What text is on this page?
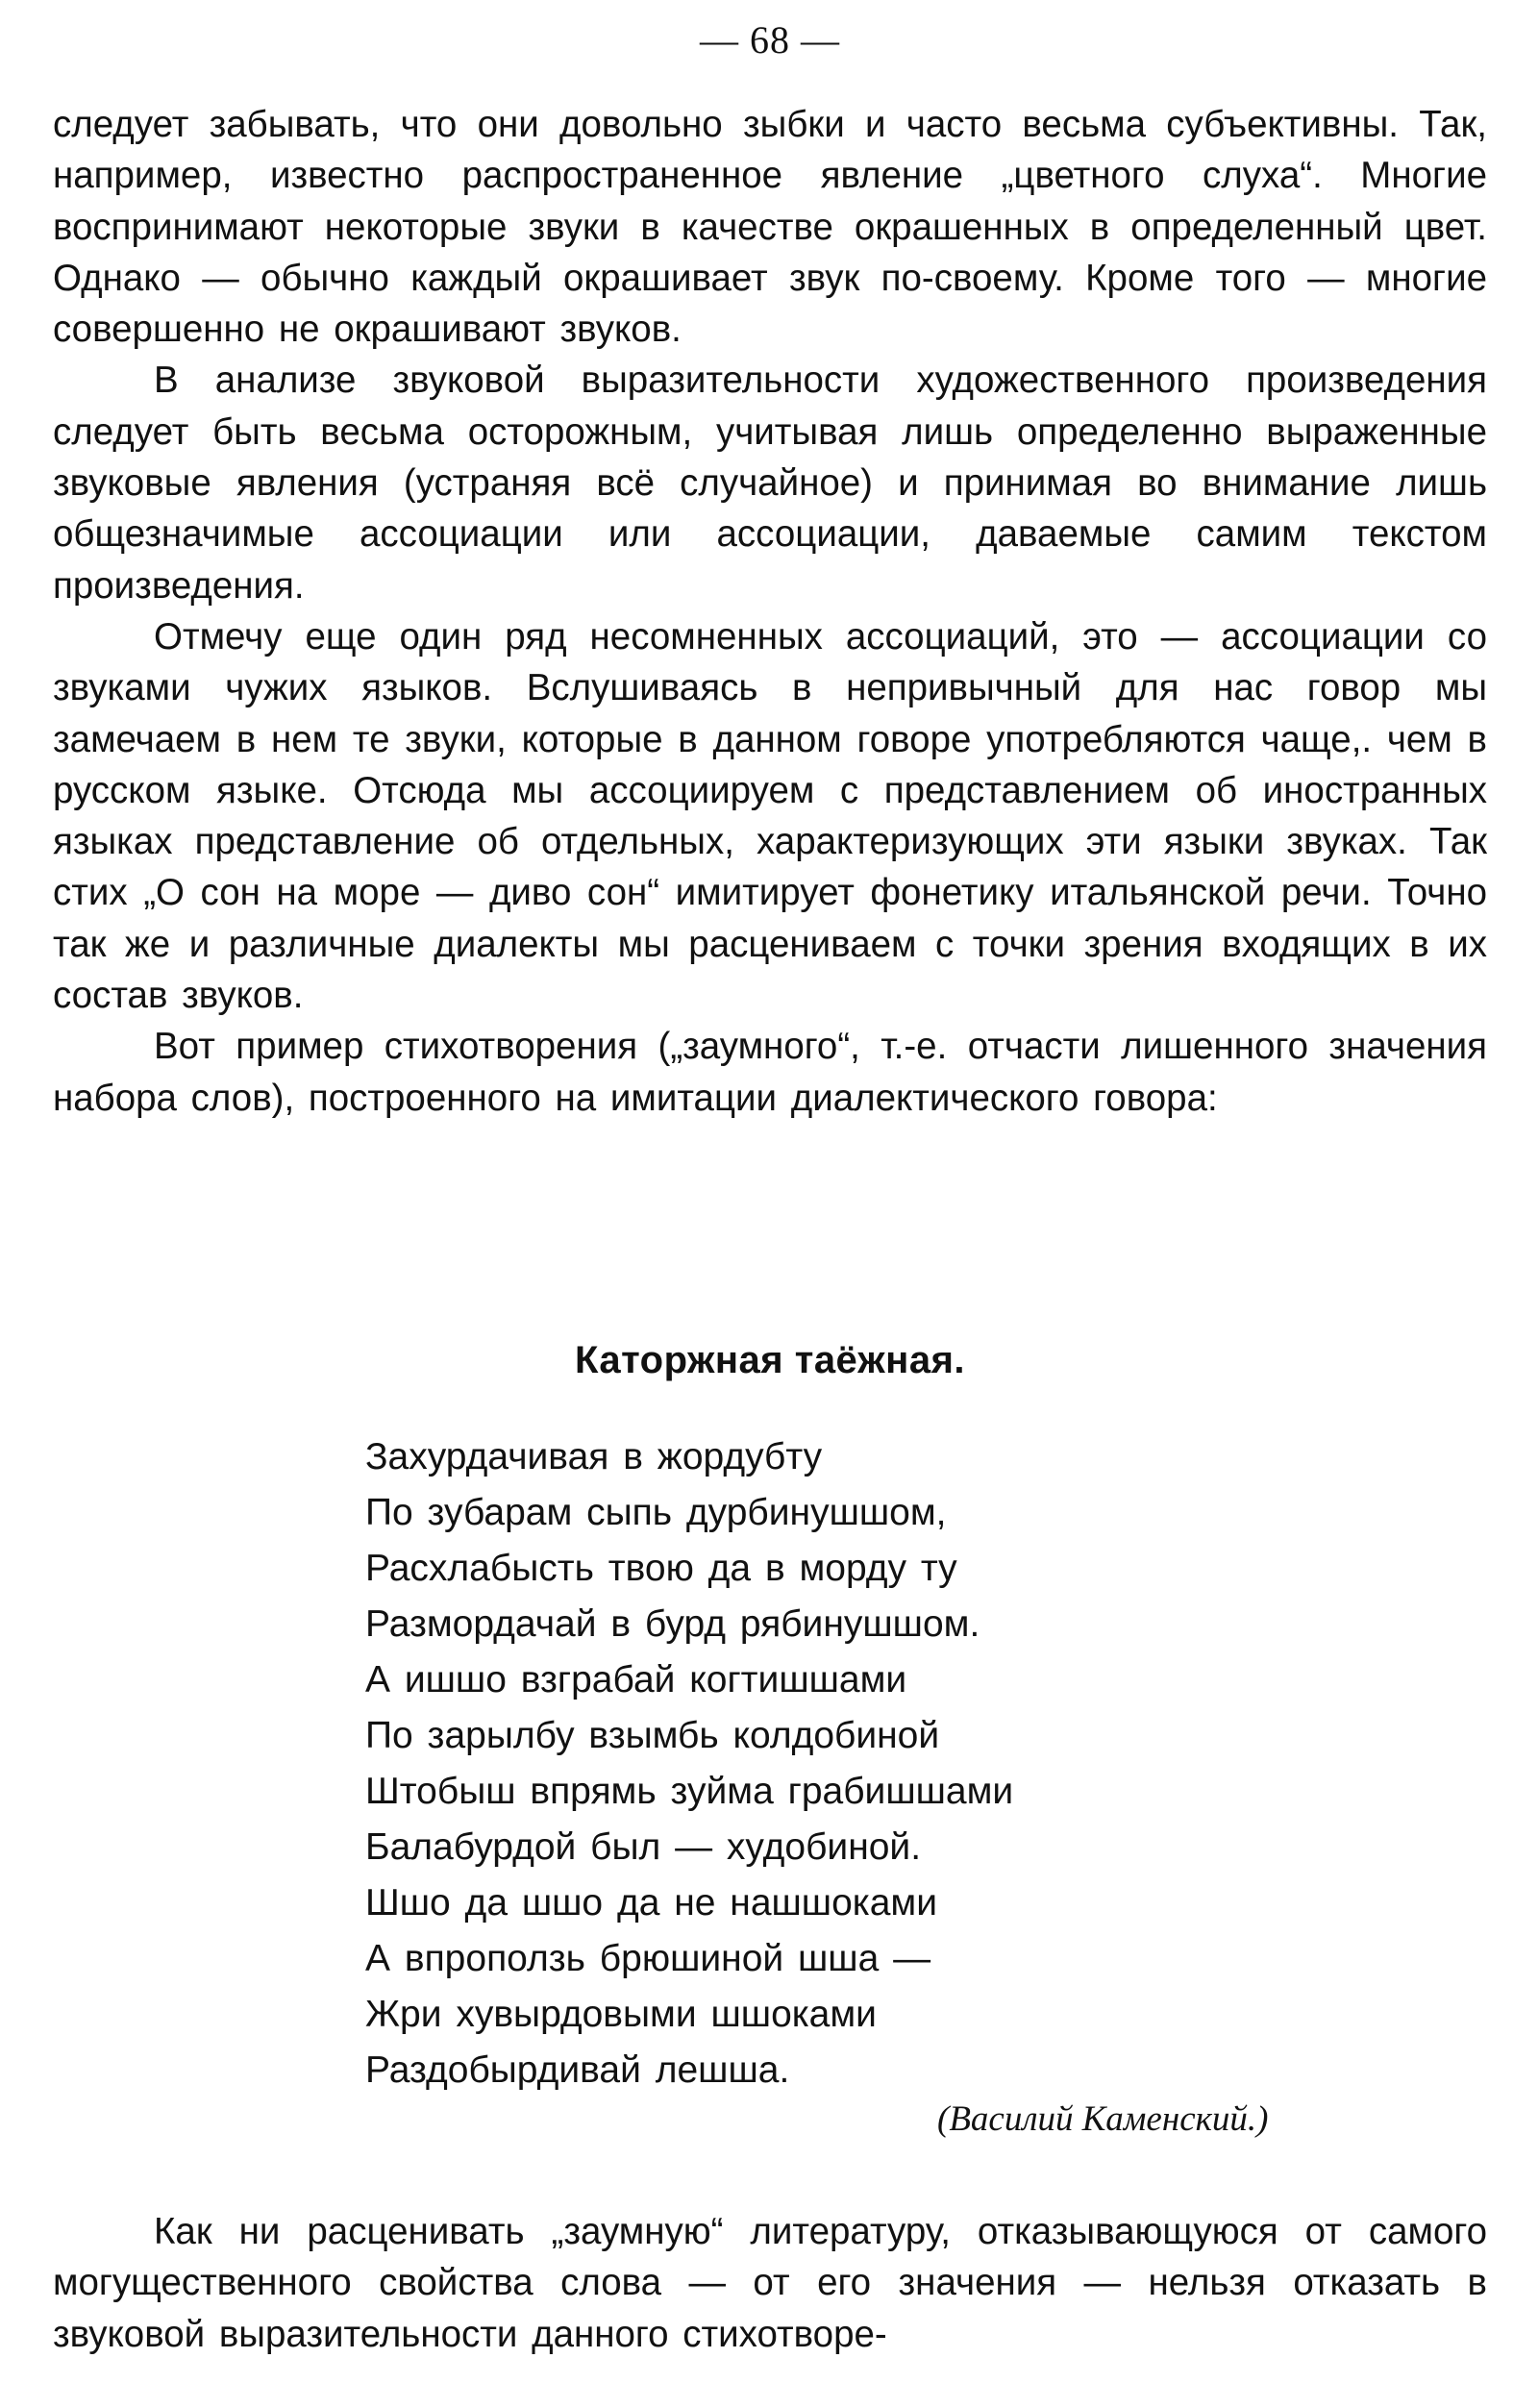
— 68 —

следует забывать, что они довольно зыбки и часто весьма субъективны. Так, например, известно распространенное явление „цветного слуха“. Многие воспринимают некоторые звуки в качестве окрашенных в определенный цвет. Однако — обычно каждый окрашивает звук по-своему. Кроме того — многие совершенно не окрашивают звуков.

В анализе звуковой выразительности художественного произведения следует быть весьма осторожным, учитывая лишь определенно выраженные звуковые явления (устраняя всё случайное) и принимая во внимание лишь общезначимые ассоциации или ассоциации, даваемые самим текстом произведения.

Отмечу еще один ряд несомненных ассоциаций, это — ассоциации со звуками чужих языков. Вслушиваясь в непривычный для нас говор мы замечаем в нем те звуки, которые в данном говоре употребляются чаще,. чем в русском языке. Отсюда мы ассоциируем с представлением об иностранных языках представление об отдельных, характеризующих эти языки звуках. Так стих „О сон на море — диво сон“ имитирует фонетику итальянской речи. Точно так же и различные диалекты мы расцениваем с точки зрения входящих в их состав звуков.

Вот пример стихотворения („заумного“, т.-е. отчасти лишенного значения набора слов), построенного на имитации диалектического говора:

Каторжная таёжная.
Захурдачивая в жордубту
По зубарам сыпь дурбинушшом,
Расхлабысть твою да в морду ту
Размордачай в бурд рябинушшом.
А ишшо взграбай когтишшами
По зарылбу взымбь колдобиной
Штобыш впрямь зуйма грабишшами
Балабурдой был — худобиной.
Шшо да шшо да не нашшоками
А впроползь брюшиной шша —
Жри хувырдовыми шшоками
Раздобырдивай лешша.
(Василий Каменский.)

Как ни расценивать „заумную“ литературу, отказывающуюся от самого могущественного свойства слова — от его значения — нельзя отказать в звуковой выразительности данного стихотворе-
